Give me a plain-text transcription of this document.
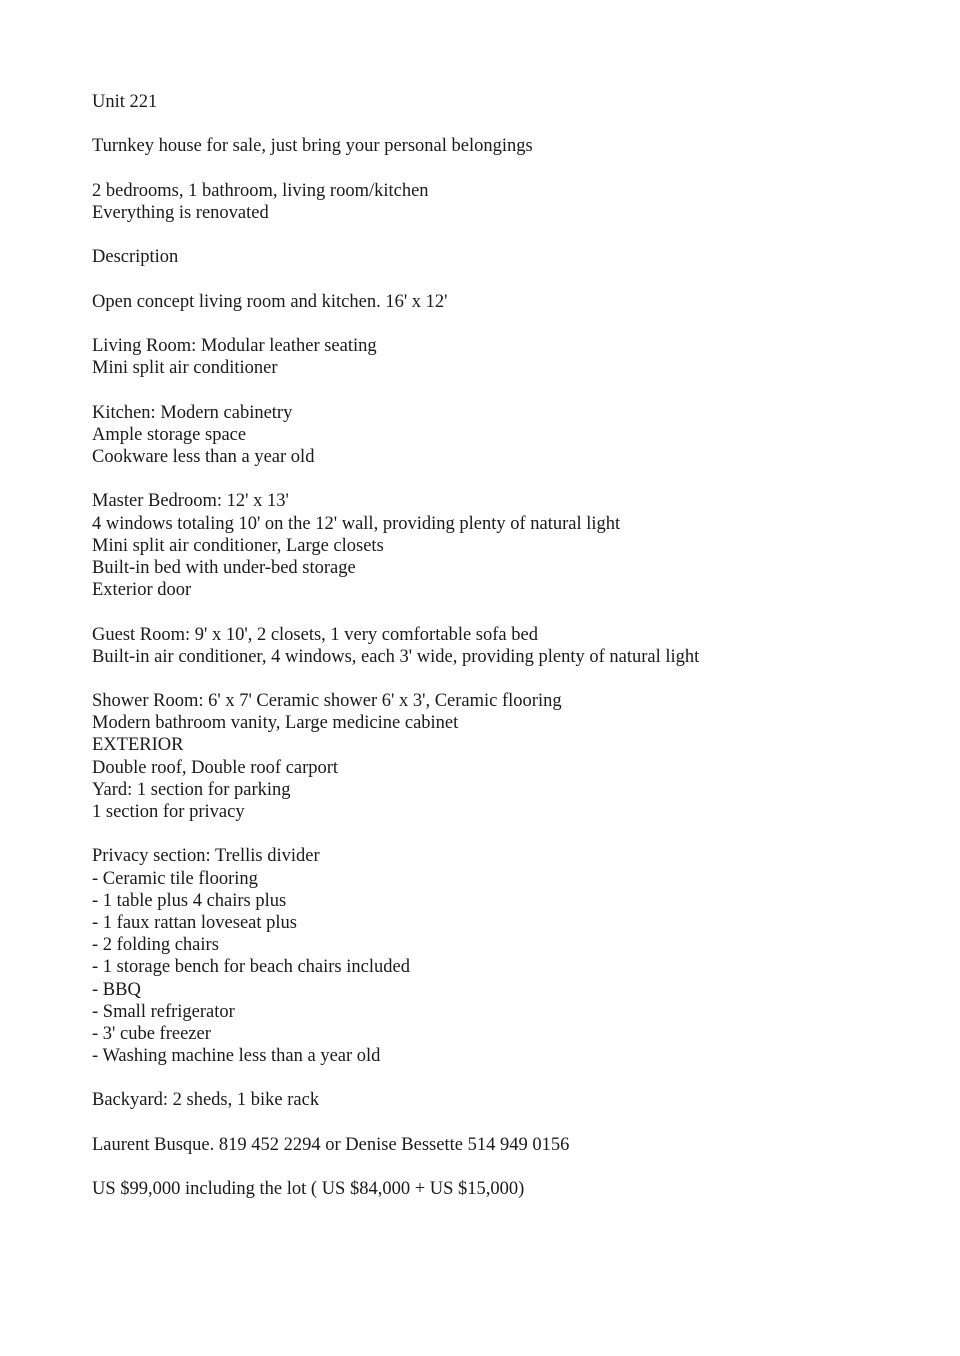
Unit 221
Turnkey house for sale, just bring your personal belongings
2 bedrooms, 1 bathroom, living room/kitchen
Everything is renovated
Description
Open concept living room and kitchen. 16' x 12'
Living Room: Modular leather seating
Mini split air conditioner
Kitchen: Modern cabinetry
Ample storage space
Cookware less than a year old
Master Bedroom: 12' x 13'
4 windows totaling 10' on the 12' wall, providing plenty of natural light
Mini split air conditioner, Large closets
Built-in bed with under-bed storage
Exterior door
Guest Room: 9' x 10', 2 closets, 1 very comfortable sofa bed
Built-in air conditioner, 4 windows, each 3' wide, providing plenty of natural light
Shower Room: 6' x 7' Ceramic shower 6' x 3', Ceramic flooring
Modern bathroom vanity, Large medicine cabinet
EXTERIOR
Double roof, Double roof carport
Yard: 1 section for parking
1 section for privacy
Privacy section: Trellis divider
- Ceramic tile flooring
- 1 table plus 4 chairs plus
- 1 faux rattan loveseat plus
- 2 folding chairs
- 1 storage bench for beach chairs included
- BBQ
- Small refrigerator
- 3' cube freezer
- Washing machine less than a year old
Backyard: 2 sheds, 1 bike rack
Laurent Busque. 819 452 2294 or Denise Bessette 514 949 0156
US $99,000 including the lot ( US $84,000 + US $15,000)
